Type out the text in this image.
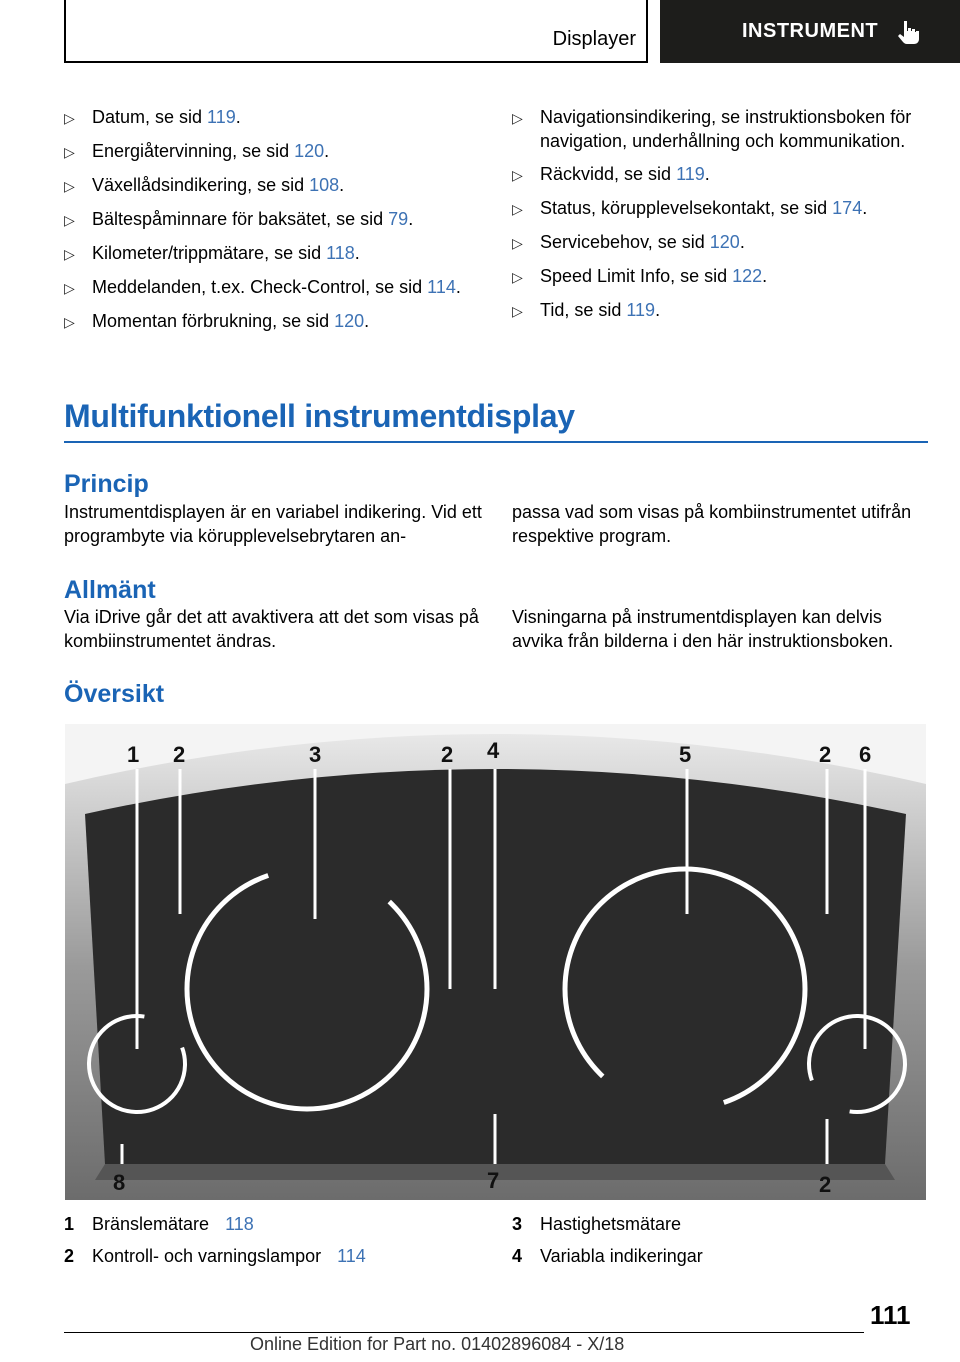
Displayer	INSTRUMENT
▷ Datum, se sid 119.
▷ Energiåtervinning, se sid 120.
▷ Växellådsindikering, se sid 108.
▷ Bältespåminnare för baksätet, se sid 79.
▷ Kilometer/trippmätare, se sid 118.
▷ Meddelanden, t.ex. Check-Control, se sid 114.
▷ Momentan förbrukning, se sid 120.
▷ Navigationsindikering, se instruktionsboken för navigation, underhållning och kommunikation.
▷ Räckvidd, se sid 119.
▷ Status, körupplevelsekontakt, se sid 174.
▷ Servicebehov, se sid 120.
▷ Speed Limit Info, se sid 122.
▷ Tid, se sid 119.
Multifunktionell instrumentdisplay
Princip
Instrumentdisplayen är en variabel indikering. Vid ett programbyte via körupplevelsebrytaren an-
passa vad som visas på kombiinstrumentet utifrån respektive program.
Allmänt
Via iDrive går det att avaktivera att det som visas på kombiinstrumentet ändras.
Visningarna på instrumentdisplayen kan delvis avvika från bilderna i den här instruktionsboken.
Översikt
1 2	3	2 4	5	2 6
8	7	2
1 Bränslemätare 118
2 Kontroll- och varningslampor 114
3 Hastighetsmätare
4 Variabla indikeringar
111
Online Edition for Part no. 01402896084 - X/18
